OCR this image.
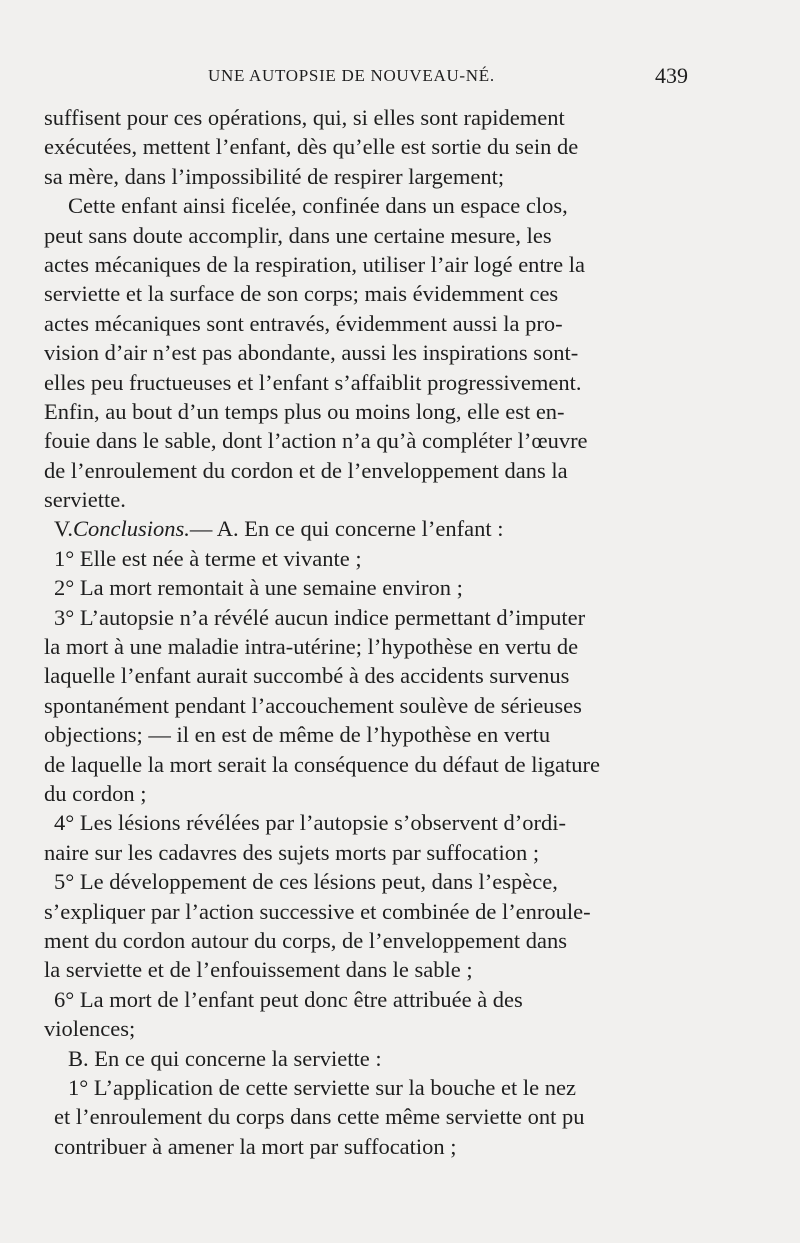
UNE AUTOPSIE DE NOUVEAU-NÉ.	439
suffisent pour ces opérations, qui, si elles sont rapidement
exécutées, mettent l’enfant, dès qu’elle est sortie du sein de
sa mère, dans l’impossibilité de respirer largement;
Cette enfant ainsi ficelée, confinée dans un espace clos,
peut sans doute accomplir, dans une certaine mesure, les
actes mécaniques de la respiration, utiliser l’air logé entre la
serviette et la surface de son corps; mais évidemment ces
actes mécaniques sont entravés, évidemment aussi la pro-
vision d’air n’est pas abondante, aussi les inspirations sont-
elles peu fructueuses et l’enfant s’affaiblit progressivement.
Enfin, au bout d’un temps plus ou moins long, elle est en-
fouie dans le sable, dont l’action n’a qu’à compléter l’œuvre
de l’enroulement du cordon et de l’enveloppement dans la
serviette.
V. Conclusions. — A. En ce qui concerne l’enfant :
1° Elle est née à terme et vivante ;
2° La mort remontait à une semaine environ ;
3° L’autopsie n’a révélé aucun indice permettant d’imputer
la mort à une maladie intra-utérine; l’hypothèse en vertu de
laquelle l’enfant aurait succombé à des accidents survenus
spontanément pendant l’accouchement soulève de sérieuses
objections; — il en est de même de l’hypothèse en vertu
de laquelle la mort serait la conséquence du défaut de ligature
du cordon ;
4° Les lésions révélées par l’autopsie s’observent d’ordi-
naire sur les cadavres des sujets morts par suffocation ;
5° Le développement de ces lésions peut, dans l’espèce,
s’expliquer par l’action successive et combinée de l’enroule-
ment du cordon autour du corps, de l’enveloppement dans
la serviette et de l’enfouissement dans le sable ;
6° La mort de l’enfant peut donc être attribuée à des
violences;
B. En ce qui concerne la serviette :
1° L’application de cette serviette sur la bouche et le nez
et l’enroulement du corps dans cette même serviette ont pu
contribuer à amener la mort par suffocation ;
